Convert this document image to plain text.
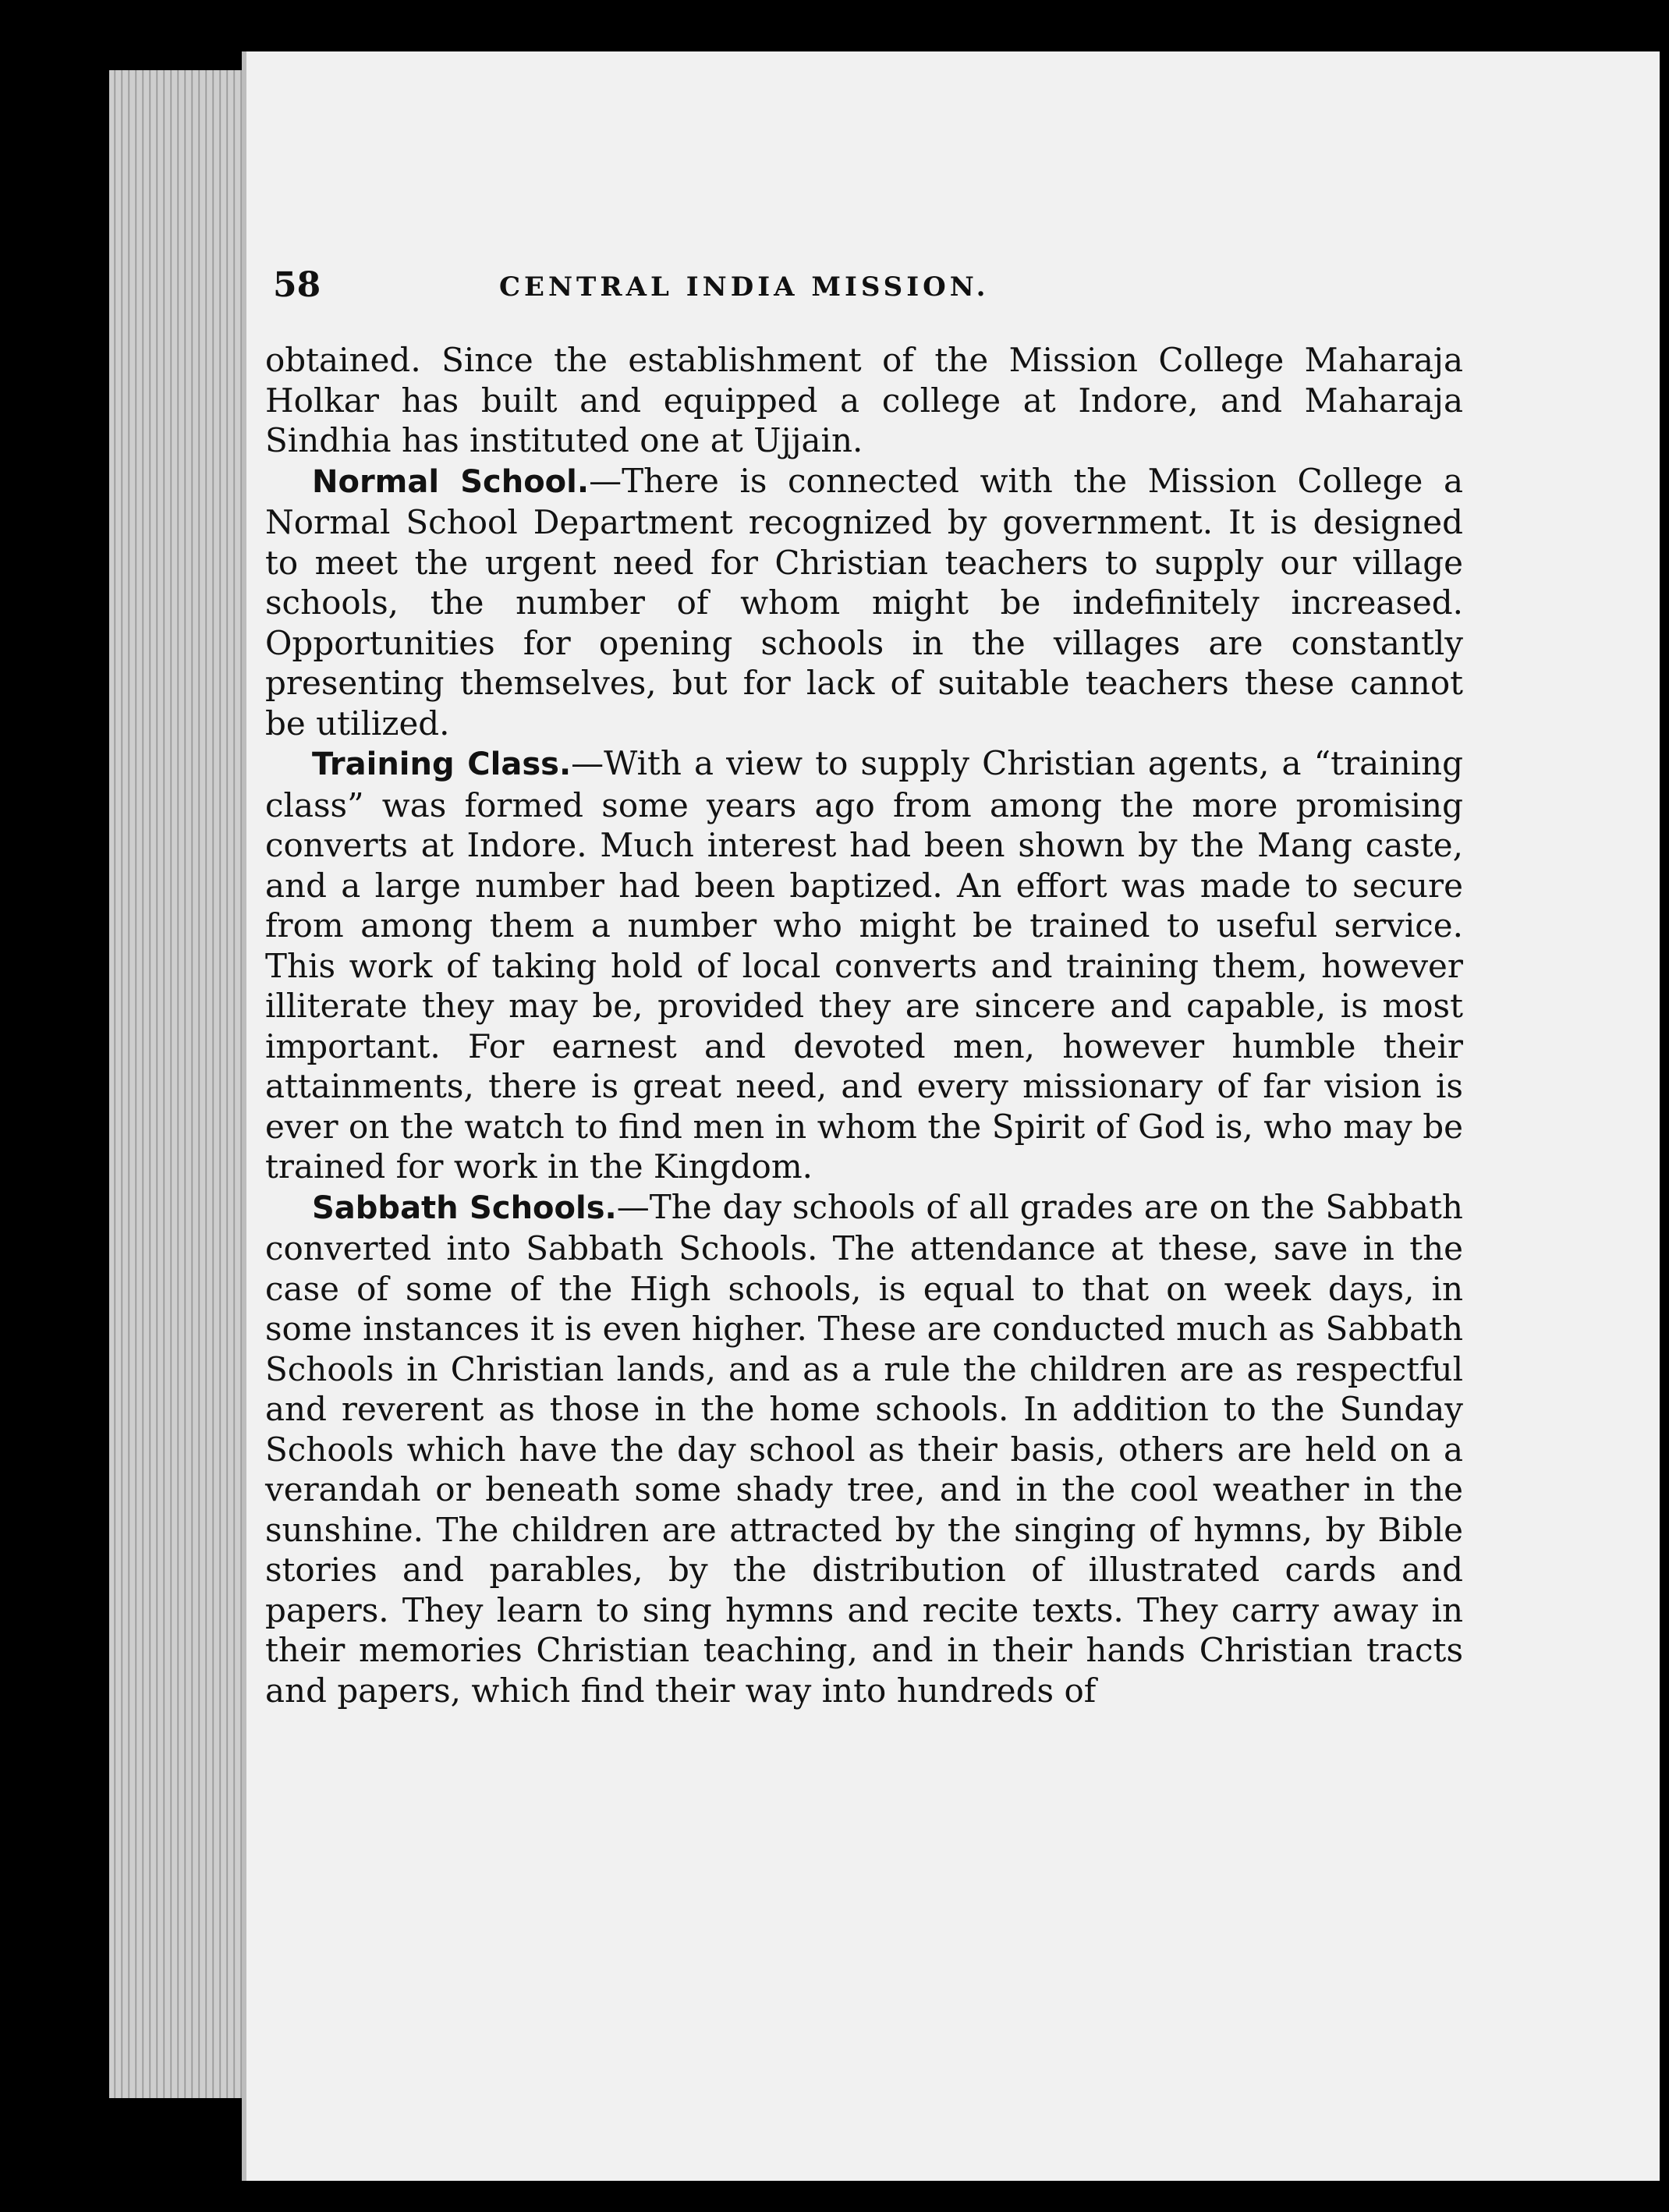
58	CENTRAL INDIA MISSION.

obtained. Since the establishment of the Mission College Maharaja Holkar has built and equipped a college at Indore, and Maharaja Sindhia has instituted one at Ujjain.

Normal School.—There is connected with the Mission College a Normal School Department recognized by government. It is designed to meet the urgent need for Christian teachers to supply our village schools, the number of whom might be indefinitely increased. Opportunities for opening schools in the villages are constantly presenting themselves, but for lack of suitable teachers these cannot be utilized.

Training Class.—With a view to supply Christian agents, a “training class” was formed some years ago from among the more promising converts at Indore. Much interest had been shown by the Mang caste, and a large number had been baptized. An effort was made to secure from among them a number who might be trained to useful service. This work of taking hold of local converts and training them, however illiterate they may be, provided they are sincere and capable, is most important. For earnest and devoted men, however humble their attainments, there is great need, and every missionary of far vision is ever on the watch to find men in whom the Spirit of God is, who may be trained for work in the Kingdom.

Sabbath Schools.—The day schools of all grades are on the Sabbath converted into Sabbath Schools. The attendance at these, save in the case of some of the High schools, is equal to that on week days, in some instances it is even higher. These are conducted much as Sabbath Schools in Christian lands, and as a rule the children are as respectful and reverent as those in the home schools. In addition to the Sunday Schools which have the day school as their basis, others are held on a verandah or beneath some shady tree, and in the cool weather in the sunshine. The children are attracted by the singing of hymns, by Bible stories and parables, by the distribution of illustrated cards and papers. They learn to sing hymns and recite texts. They carry away in their memories Christian teaching, and in their hands Christian tracts and papers, which find their way into hundreds of
